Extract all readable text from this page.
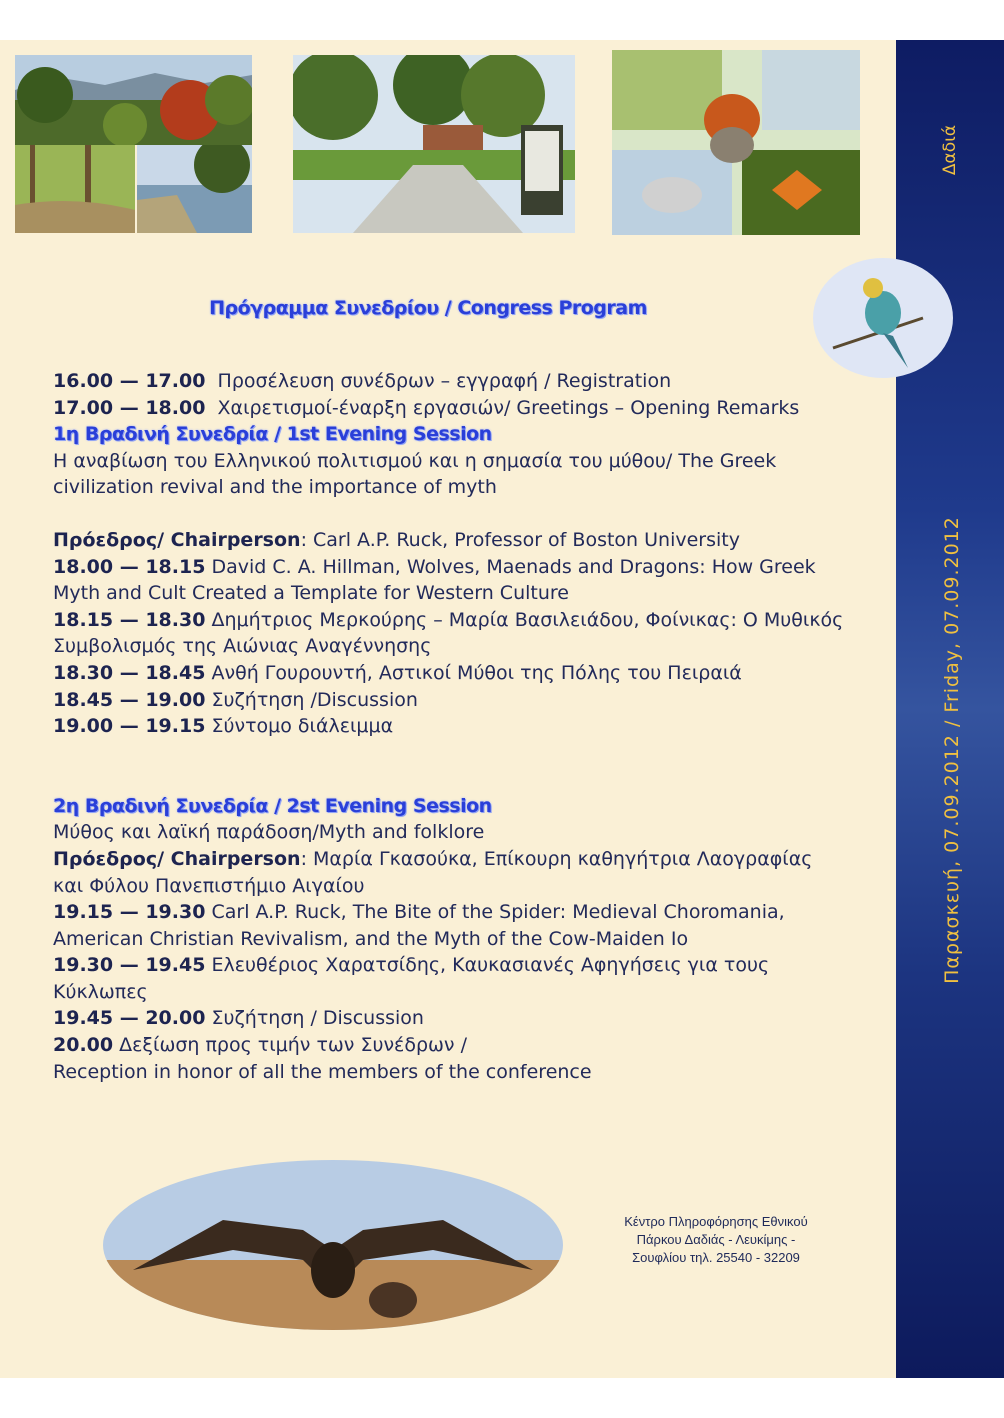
Δαδιά
Παρασκευή, 07.09.2012 / Friday, 07.09.2012
Πρόγραμμα Συνεδρίου / Congress Program
16.00 — 17.00 Προσέλευση συνέδρων – εγγραφή / Registration
17.00 — 18.00 Χαιρετισμοί-έναρξη εργασιών/ Greetings – Opening Remarks
1η Βραδινή Συνεδρία / 1st Evening Session
Η αναβίωση του Ελληνικού πολιτισμού και η σημασία του μύθου/ The Greek
civilization revival and the importance of myth
Πρόεδρος/ Chairperson: Carl A.P. Ruck, Professor of Boston University
18.00 — 18.15 David C. A. Hillman, Wolves, Maenads and Dragons: How Greek
Myth and Cult Created a Template for Western Culture
18.15 — 18.30 Δημήτριος Μερκούρης – Μαρία Βασιλειάδου, Φοίνικας: Ο Μυθικός
Συμβολισμός της Αιώνιας Αναγέννησης
18.30 — 18.45 Ανθή Γουρουντή, Αστικοί Μύθοι της Πόλης του Πειραιά
18.45 — 19.00 Συζήτηση /Discussion
19.00 — 19.15 Σύντομο διάλειμμα
2η Βραδινή Συνεδρία / 2st Evening Session
Μύθος και λαϊκή παράδοση/Myth and folklore
Πρόεδρος/ Chairperson: Μαρία Γκασούκα, Επίκουρη καθηγήτρια Λαογραφίας
και Φύλου Πανεπιστήμιο Αιγαίου
19.15 — 19.30 Carl A.P. Ruck, The Bite of the Spider: Medieval Choromania,
American Christian Revivalism, and the Myth of the Cow-Maiden Io
19.30 — 19.45 Ελευθέριος Χαρατσίδης, Καυκασιανές Αφηγήσεις για τους
Κύκλωπες
19.45 — 20.00 Συζήτηση / Discussion
20.00 Δεξίωση προς τιμήν των Συνέδρων /
Reception in honor of all the members of the conference
Κέντρο Πληροφόρησης Εθνικού
Πάρκου Δαδιάς - Λευκίμης -
Σουφλίου τηλ. 25540 - 32209
